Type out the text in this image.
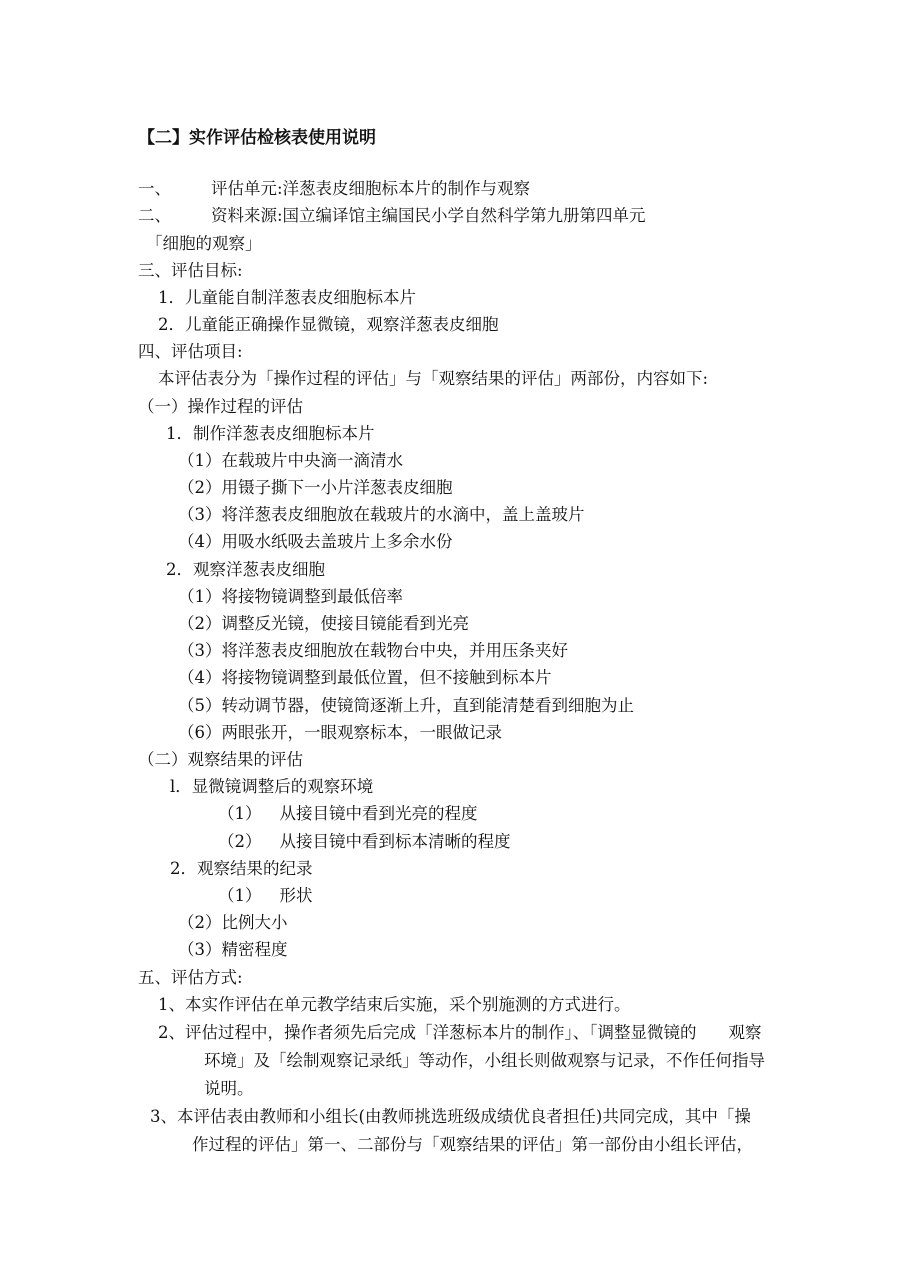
【二】实作评估检核表使用说明
一、 评估单元:洋葱表皮细胞标本片的制作与观察
二、 资料来源:国立编译馆主编国民小学自然科学第九册第四单元
「细胞的观察」
三、评估目标:
1．儿童能自制洋葱表皮细胞标本片
2．儿童能正确操作显微镜，观察洋葱表皮细胞
四、评估项目:
本评估表分为「操作过程的评估」与「观察结果的评估」两部份，内容如下:
（一）操作过程的评估
1．制作洋葱表皮细胞标本片
（1）在载玻片中央滴一滴清水
（2）用镊子撕下一小片洋葱表皮细胞
（3）将洋葱表皮细胞放在载玻片的水滴中，盖上盖玻片
（4）用吸水纸吸去盖玻片上多余水份
2．观察洋葱表皮细胞
（1）将接物镜调整到最低倍率
（2）调整反光镜，使接目镜能看到光亮
（3）将洋葱表皮细胞放在载物台中央，并用压条夹好
（4）将接物镜调整到最低位置，但不接触到标本片
（5）转动调节器，使镜筒逐渐上升，直到能清楚看到细胞为止
（6）两眼张开，一眼观察标本，一眼做记录
（二）观察结果的评估
l．显微镜调整后的观察环境
（1） 从接目镜中看到光亮的程度
（2） 从接目镜中看到标本清晰的程度
2．观察结果的纪录
（1） 形状
（2）比例大小
（3）精密程度
五、评估方式:
1、本实作评估在单元教学结束后实施，采个别施测的方式进行。
2、评估过程中，操作者须先后完成「洋葱标本片的制作」、「调整显微镜的 观察
环境」及「绘制观察记录纸」等动作，小组长则做观察与记录，不作任何指导
说明。
3、本评估表由教师和小组长(由教师挑选班级成绩优良者担任)共同完成，其中「操
作过程的评估」第一、二部份与「观察结果的评估」第一部份由小组长评估，
